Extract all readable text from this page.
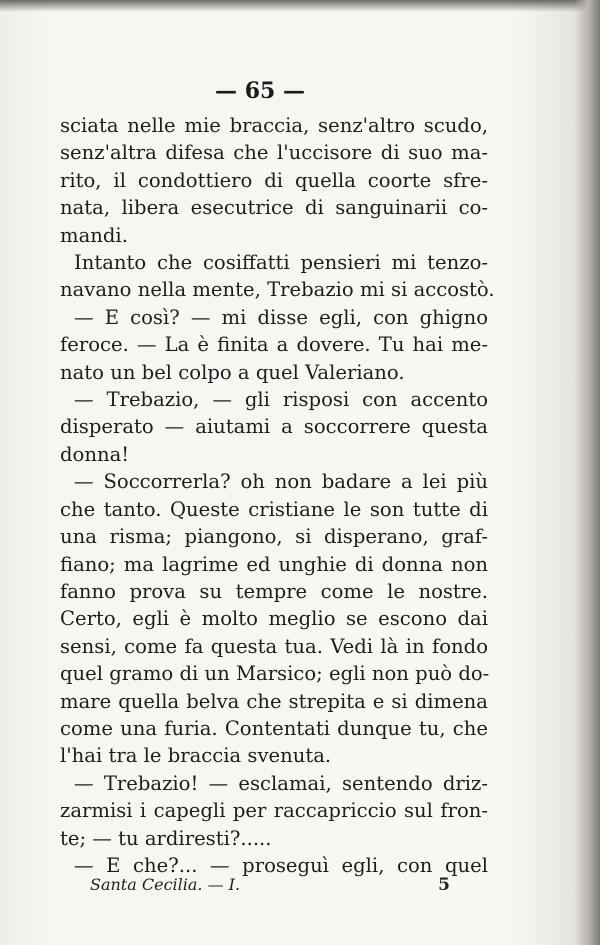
— 65 —
sciata nelle mie braccia, senz'altro scudo,
senz'altra difesa che l'uccisore di suo ma-
rito, il condottiero di quella coorte sfre-
nata, libera esecutrice di sanguinarii co-
mandi.
Intanto che cosiffatti pensieri mi tenzo-
navano nella mente, Trebazio mi si accostò.
— E così? — mi disse egli, con ghigno
feroce. — La è finita a dovere. Tu hai me-
nato un bel colpo a quel Valeriano.
— Trebazio, — gli risposi con accento
disperato — aiutami a soccorrere questa
donna!
— Soccorrerla? oh non badare a lei più
che tanto. Queste cristiane le son tutte di
una risma; piangono, si disperano, graf-
fiano; ma lagrime ed unghie di donna non
fanno prova su tempre come le nostre.
Certo, egli è molto meglio se escono dai
sensi, come fa questa tua. Vedi là in fondo
quel gramo di un Marsico; egli non può do-
mare quella belva che strepita e si dimena
come una furia. Contentati dunque tu, che
l'hai tra le braccia svenuta.
— Trebazio! — esclamai, sentendo driz-
zarmisi i capegli per raccapriccio sul fron-
te; — tu ardiresti?.....
— E che?... — proseguì egli, con quel
Santa Cecilia. — I.	5
